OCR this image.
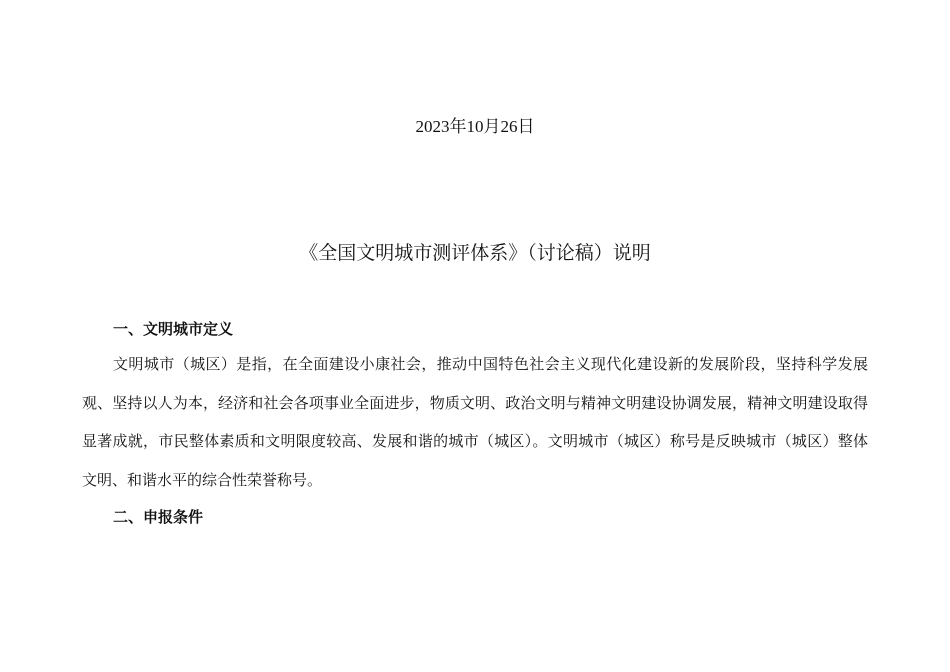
2023年10月26日
《全国文明城市测评体系》（讨论稿）说明

一、文明城市定义

文明城市（城区）是指，在全面建设小康社会，推动中国特色社会主义现代化建设新的发展阶段，坚持科学发展观、坚持以人为本，经济和社会各项事业全面进步，物质文明、政治文明与精神文明建设协调发展，精神文明建设取得显著成就，市民整体素质和文明限度较高、发展和谐的城市（城区）。文明城市（城区）称号是反映城市（城区）整体文明、和谐水平的综合性荣誉称号。

二、申报条件
